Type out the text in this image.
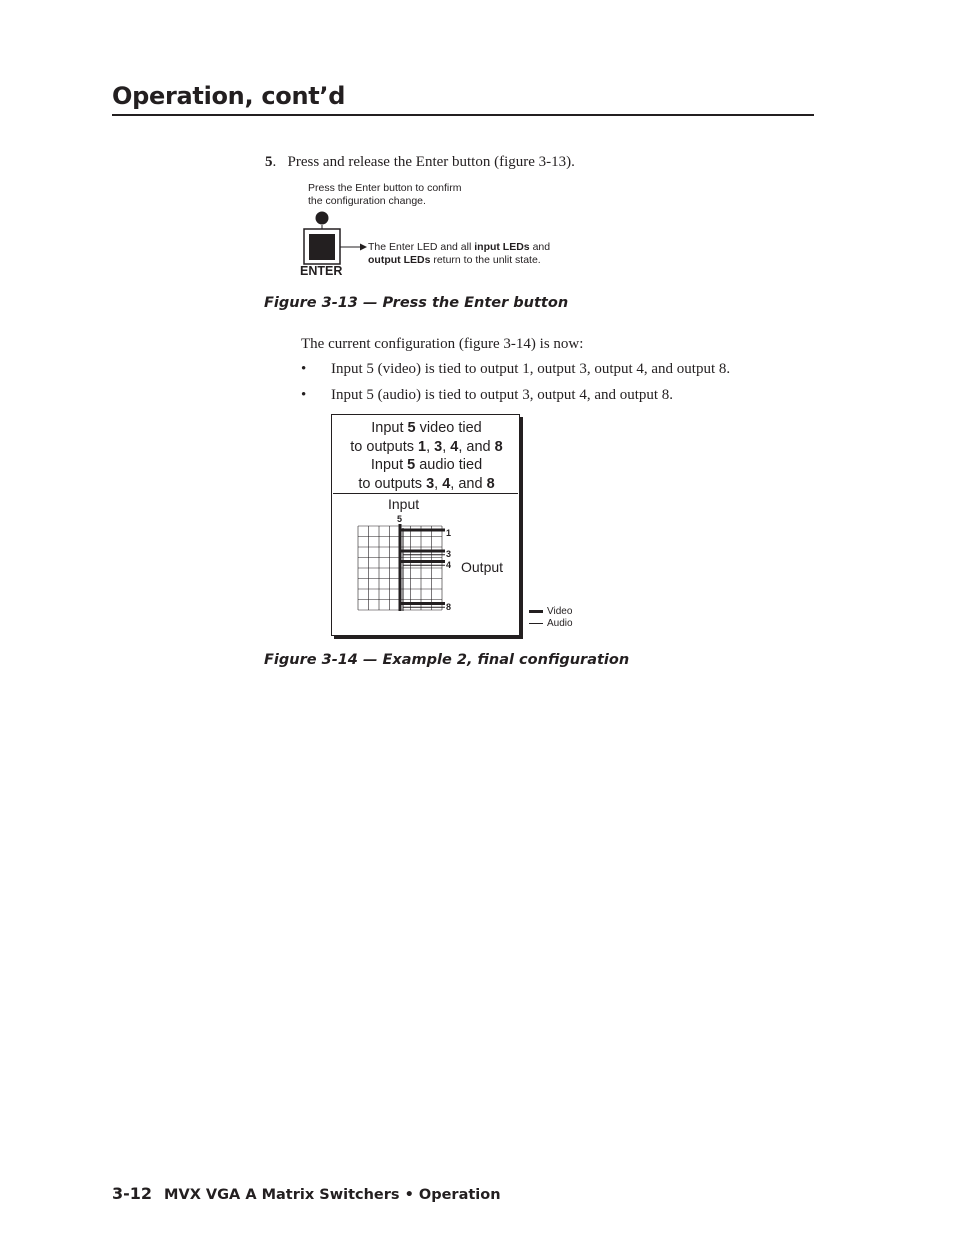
Operation, cont’d
5.   Press and release the Enter button (figure 3-13).
Press the Enter button to confirm
the configuration change.
ENTER
The Enter LED and all input LEDs and
output LEDs return to the unlit state.
Figure 3-13 — Press the Enter button
The current configuration (figure 3-14) is now:
• Input 5 (video) is tied to output 1, output 3, output 4, and output 8.
• Input 5 (audio) is tied to output 3, output 4, and output 8.
Input 5 video tied
to outputs 1, 3, 4, and 8
Input 5 audio tied
to outputs 3, 4, and 8
Input
Output
5
1
3
4
8	Video
Audio
Figure 3-14 — Example 2, final configuration
3-12 MVX VGA A Matrix Switchers • Operation
